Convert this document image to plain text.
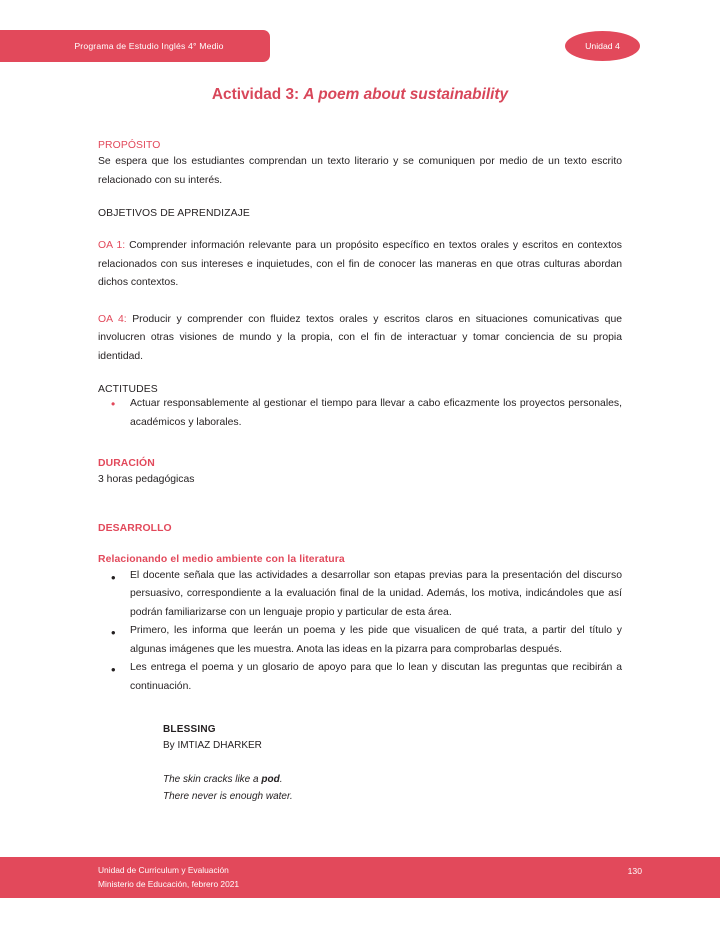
Programa de Estudio Inglés 4° Medio	Unidad 4
Actividad 3: A poem about sustainability
PROPÓSITO

Se espera que los estudiantes comprendan un texto literario y se comuniquen por medio de un texto escrito relacionado con su interés.

OBJETIVOS DE APRENDIZAJE
OA 1: Comprender información relevante para un propósito específico en textos orales y escritos en contextos relacionados con sus intereses e inquietudes, con el fin de conocer las maneras en que otras culturas abordan dichos contextos.
OA 4: Producir y comprender con fluidez textos orales y escritos claros en situaciones comunicativas que involucren otras visiones de mundo y la propia, con el fin de interactuar y tomar conciencia de su propia identidad.
ACTITUDES
• Actuar responsablemente al gestionar el tiempo para llevar a cabo eficazmente los proyectos personales, académicos y laborales.
DURACIÓN

3 horas pedagógicas

DESARROLLO
Relacionando el medio ambiente con la literatura
• El docente señala que las actividades a desarrollar son etapas previas para la presentación del discurso persuasivo, correspondiente a la evaluación final de la unidad. Además, los motiva, indicándoles que así podrán familiarizarse con un lenguaje propio y particular de esta área.
• Primero, les informa que leerán un poema y les pide que visualicen de qué trata, a partir del título y algunas imágenes que les muestra. Anota las ideas en la pizarra para comprobarlas después.
• Les entrega el poema y un glosario de apoyo para que lo lean y discutan las preguntas que recibirán a continuación.
BLESSING
By IMTIAZ DHARKER
The skin cracks like a pod.
There never is enough water.
Unidad de Curriculum y Evaluación
Ministerio de Educación, febrero 2021
130
